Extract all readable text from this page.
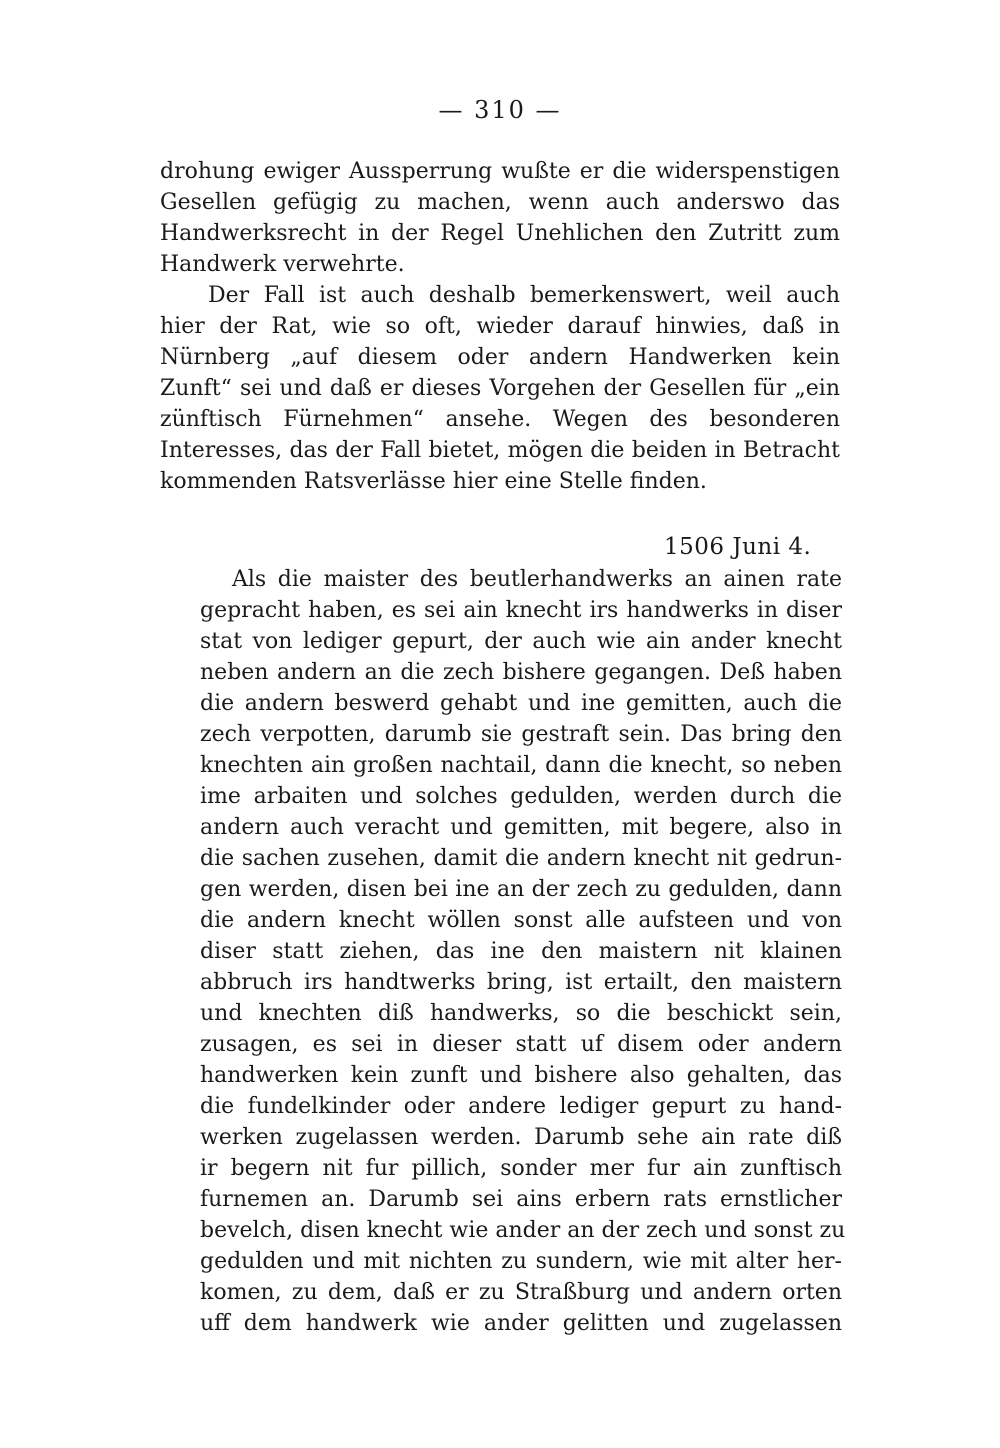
— 310 —
drohung ewiger Aussperrung wußte er die widerspenstigen
Gesellen gefügig zu machen, wenn auch anderswo das
Handwerksrecht in der Regel Unehlichen den Zutritt zum
Handwerk verwehrte.
Der Fall ist auch deshalb bemerkenswert, weil auch
hier der Rat, wie so oft, wieder darauf hinwies, daß in
Nürnberg „auf diesem oder andern Handwerken kein
Zunft“ sei und daß er dieses Vorgehen der Gesellen für „ein
zünftisch Fürnehmen“ ansehe. Wegen des besonderen
Interesses, das der Fall bietet, mögen die beiden in Betracht
kommenden Ratsverlässe hier eine Stelle finden.
1506 Juni 4.
Als die maister des beutlerhandwerks an ainen rate
gepracht haben, es sei ain knecht irs handwerks in diser
stat von lediger gepurt, der auch wie ain ander knecht
neben andern an die zech bishere gegangen. Deß haben
die andern beswerd gehabt und ine gemitten, auch die
zech verpotten, darumb sie gestraft sein. Das bring den
knechten ain großen nachtail, dann die knecht, so neben
ime arbaiten und solches gedulden, werden durch die
andern auch veracht und gemitten, mit begere, also in
die sachen zusehen, damit die andern knecht nit gedrun-
gen werden, disen bei ine an der zech zu gedulden, dann
die andern knecht wöllen sonst alle aufsteen und von
diser statt ziehen, das ine den maistern nit klainen
abbruch irs handtwerks bring, ist ertailt, den maistern
und knechten diß handwerks, so die beschickt sein,
zusagen, es sei in dieser statt uf disem oder andern
handwerken kein zunft und bishere also gehalten, das
die fundelkinder oder andere lediger gepurt zu hand-
werken zugelassen werden. Darumb sehe ain rate diß
ir begern nit fur pillich, sonder mer fur ain zunftisch
furnemen an. Darumb sei ains erbern rats ernstlicher
bevelch, disen knecht wie ander an der zech und sonst zu
gedulden und mit nichten zu sundern, wie mit alter her-
komen, zu dem, daß er zu Straßburg und andern orten
uff dem handwerk wie ander gelitten und zugelassen
